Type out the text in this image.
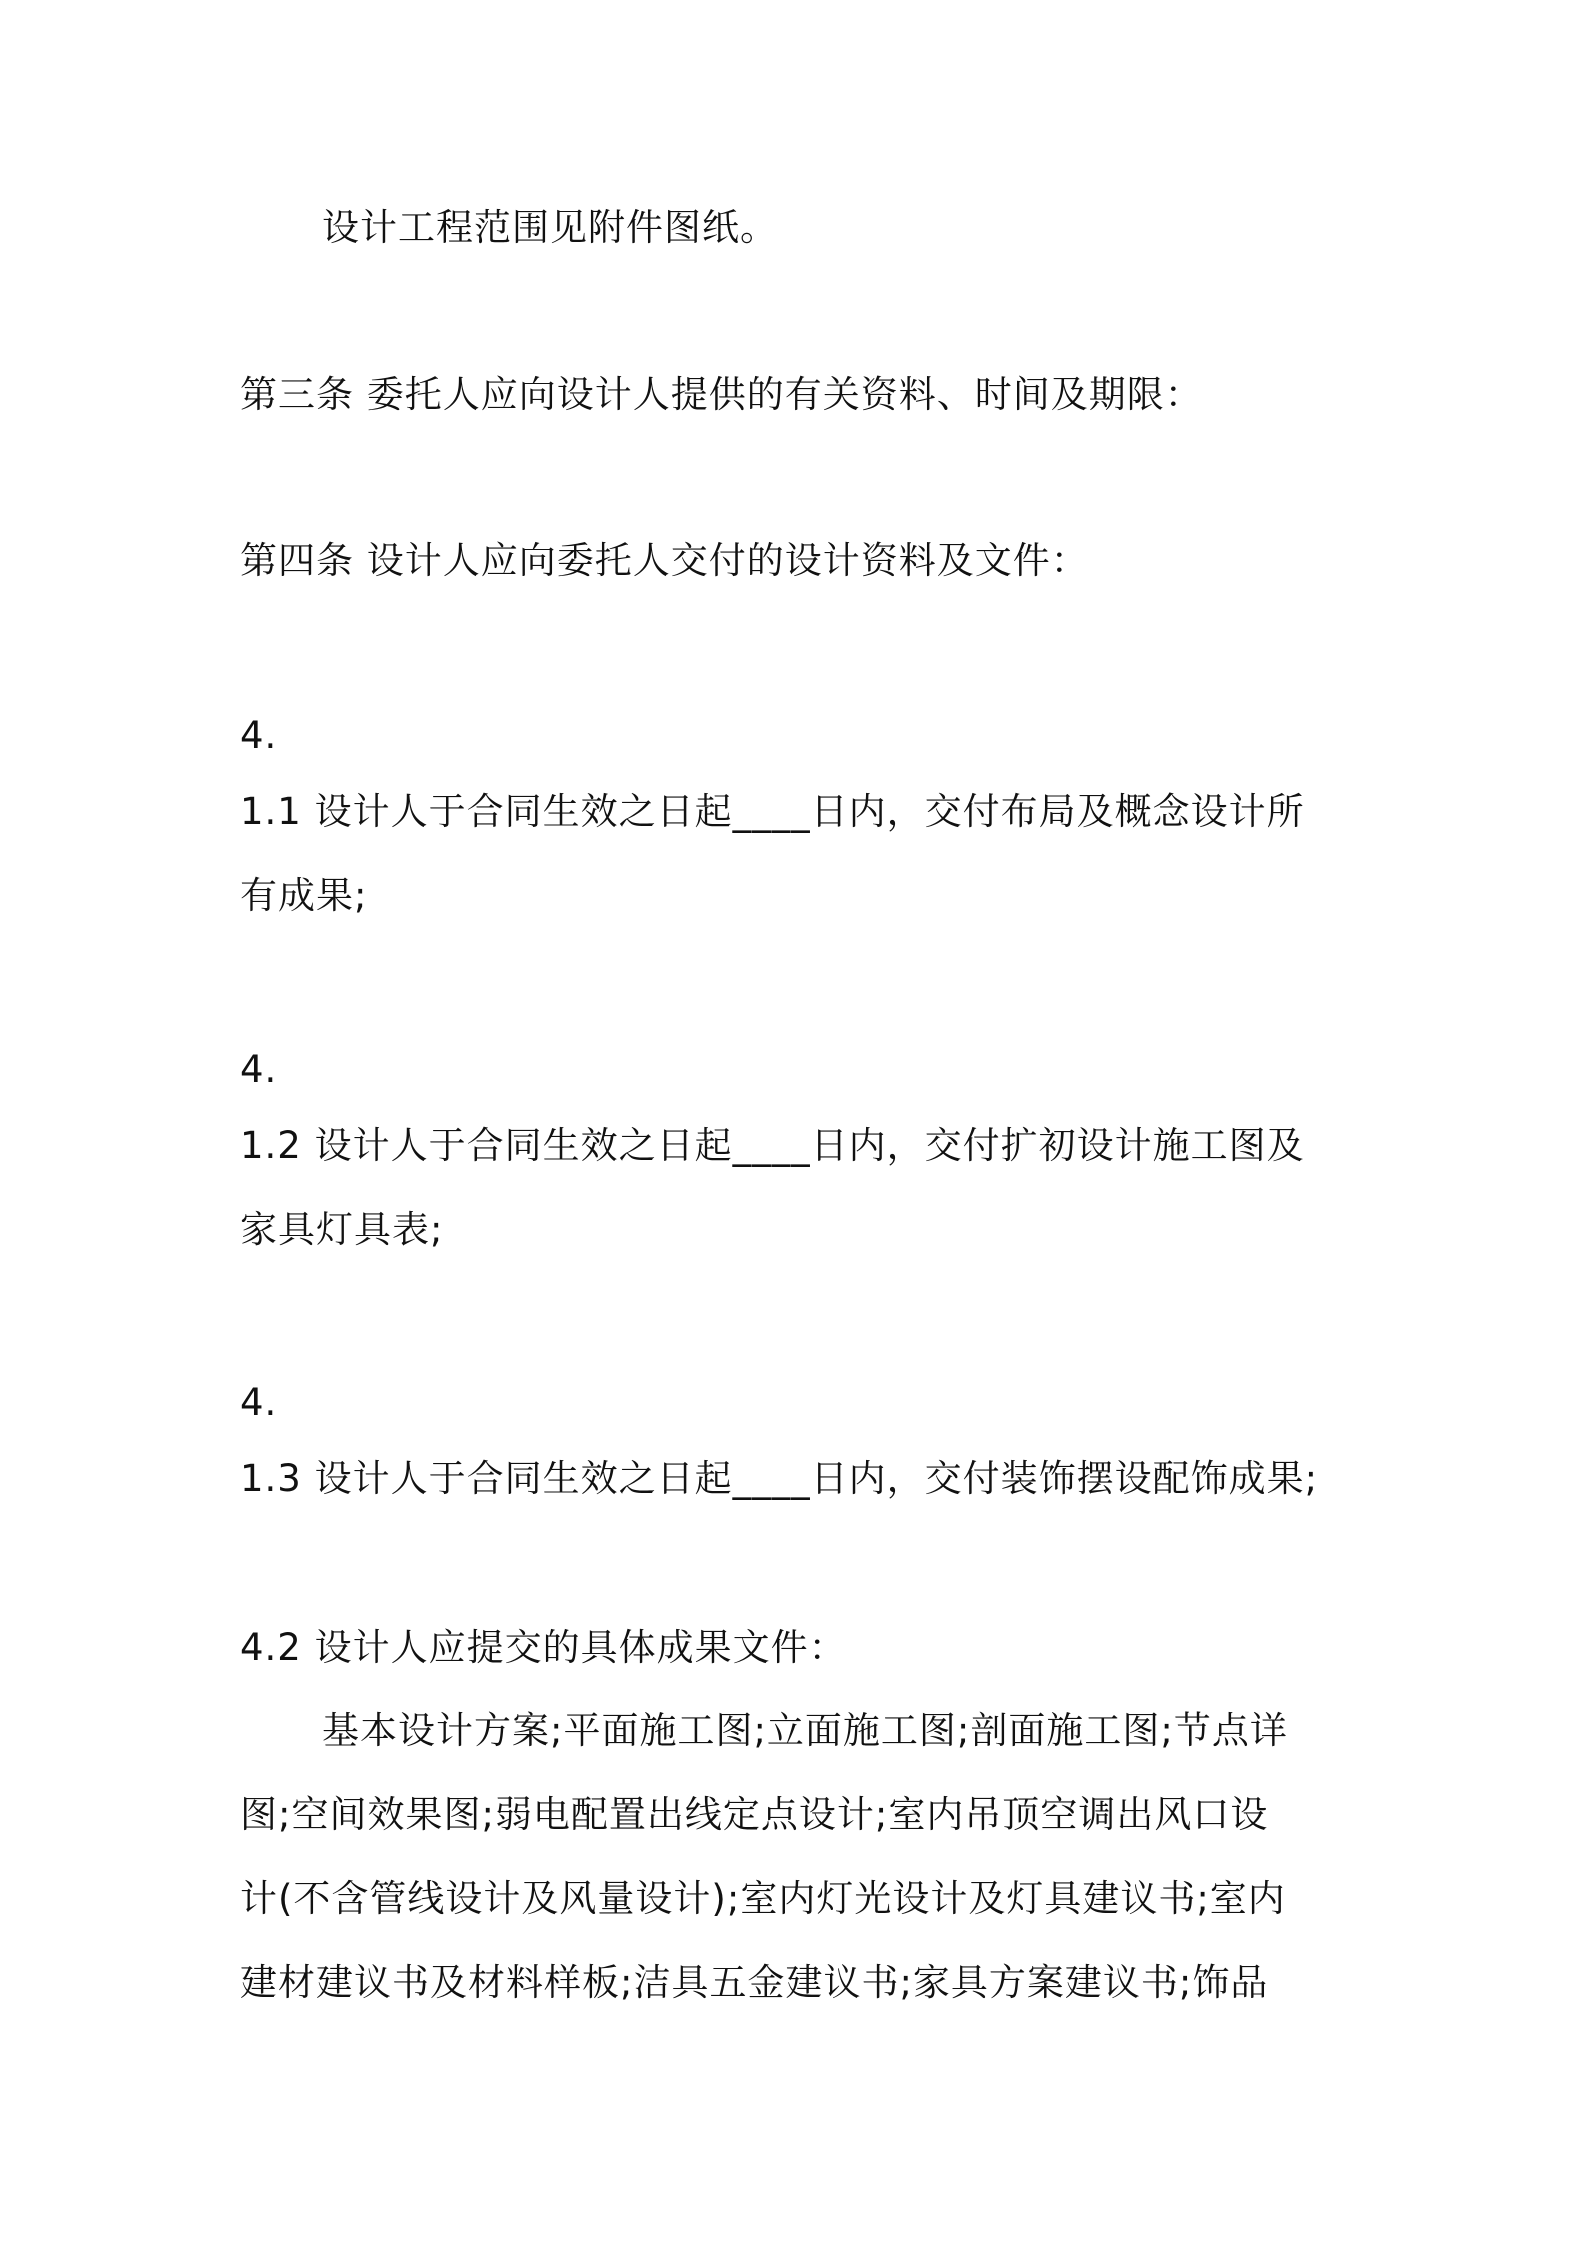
设计工程范围见附件图纸。
第三条 委托人应向设计人提供的有关资料、时间及期限：
第四条 设计人应向委托人交付的设计资料及文件：
4.
1.1 设计人于合同生效之日起____日内，交付布局及概念设计所
有成果;
4.
1.2 设计人于合同生效之日起____日内，交付扩初设计施工图及
家具灯具表;
4.
1.3 设计人于合同生效之日起____日内，交付装饰摆设配饰成果;
4.2 设计人应提交的具体成果文件：
基本设计方案;平面施工图;立面施工图;剖面施工图;节点详
图;空间效果图;弱电配置出线定点设计;室内吊顶空调出风口设
计(不含管线设计及风量设计);室内灯光设计及灯具建议书;室内
建材建议书及材料样板;洁具五金建议书;家具方案建议书;饰品
